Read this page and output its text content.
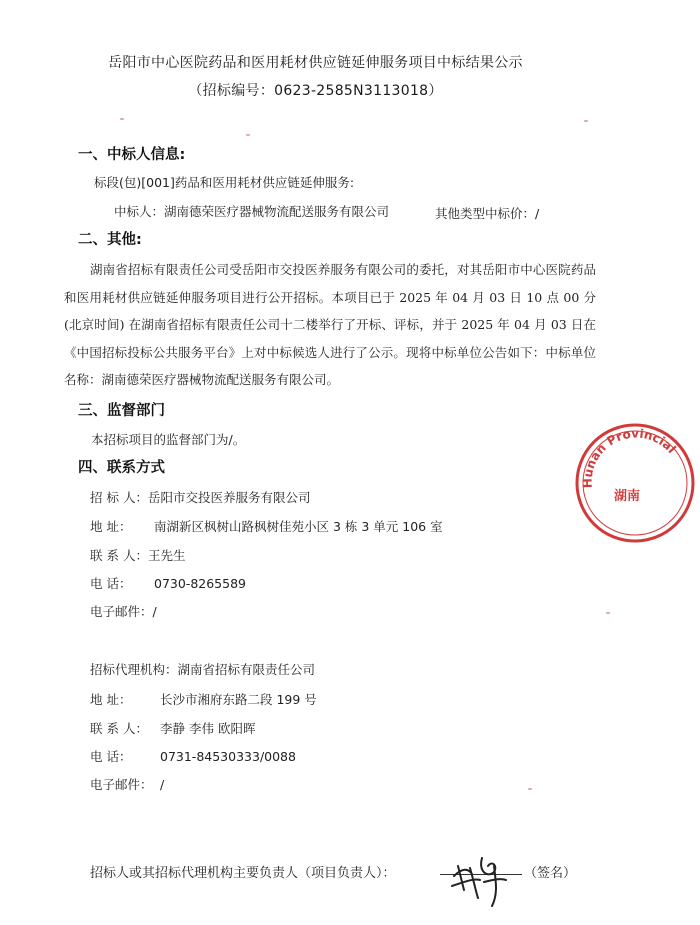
岳阳市中心医院药品和医用耗材供应链延伸服务项目中标结果公示
（招标编号：0623-2585N3113018）
一、中标人信息:
标段(包)[001]药品和医用耗材供应链延伸服务:
中标人：湖南德荣医疗器械物流配送服务有限公司	其他类型中标价：/
二、其他:
湖南省招标有限责任公司受岳阳市交投医养服务有限公司的委托，对其岳阳市中心医院药品和医用耗材供应链延伸服务项目进行公开招标。本项目已于 2025 年 04 月 03 日 10 点 00 分(北京时间) 在湖南省招标有限责任公司十二楼举行了开标、评标，并于 2025 年 04 月 03 日在《中国招标投标公共服务平台》上对中标候选人进行了公示。现将中标单位公告如下：中标单位名称：湖南德荣医疗器械物流配送服务有限公司。
三、监督部门
本招标项目的监督部门为/。
四、联系方式
招 标 人：岳阳市交投医养服务有限公司
地 址： 南湖新区枫树山路枫树佳苑小区 3 栋 3 单元 106 室
联 系 人：王先生
电 话： 0730-8265589
电子邮件：/
招标代理机构：湖南省招标有限责任公司
地 址： 长沙市湘府东路二段 199 号
联 系 人： 李静 李伟 欧阳晖
电 话： 0731-84530333/0088
电子邮件： /
招标人或其招标代理机构主要负责人（项目负责人）：	（签名）
Hunan Provincial
湖南
